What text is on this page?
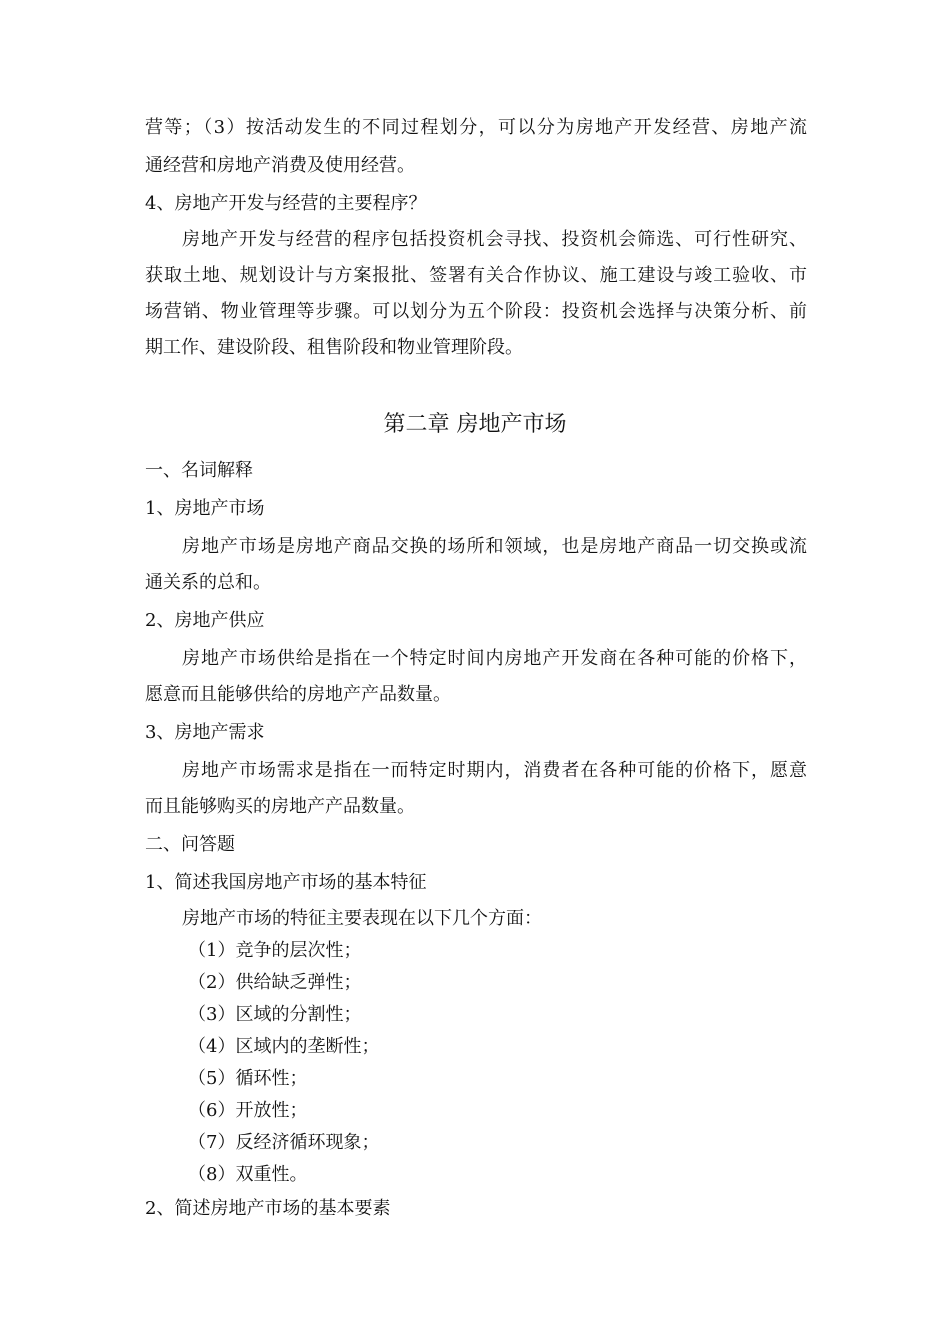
营等；（3）按活动发生的不同过程划分，可以分为房地产开发经营、房地产流
通经营和房地产消费及使用经营。
4、房地产开发与经营的主要程序？
房地产开发与经营的程序包括投资机会寻找、投资机会筛选、可行性研究、
获取土地、规划设计与方案报批、签署有关合作协议、施工建设与竣工验收、市
场营销、物业管理等步骤。可以划分为五个阶段：投资机会选择与决策分析、前
期工作、建设阶段、租售阶段和物业管理阶段。
第二章 房地产市场
一、名词解释
1、房地产市场
房地产市场是房地产商品交换的场所和领域，也是房地产商品一切交换或流
通关系的总和。
2、房地产供应
房地产市场供给是指在一个特定时间内房地产开发商在各种可能的价格下，
愿意而且能够供给的房地产产品数量。
3、房地产需求
房地产市场需求是指在一而特定时期内，消费者在各种可能的价格下，愿意
而且能够购买的房地产产品数量。
二、问答题
1、简述我国房地产市场的基本特征
房地产市场的特征主要表现在以下几个方面：
（1）竞争的层次性；
（2）供给缺乏弹性；
（3）区域的分割性；
（4）区域内的垄断性；
（5）循环性；
（6）开放性；
（7）反经济循环现象；
（8）双重性。
2、简述房地产市场的基本要素
